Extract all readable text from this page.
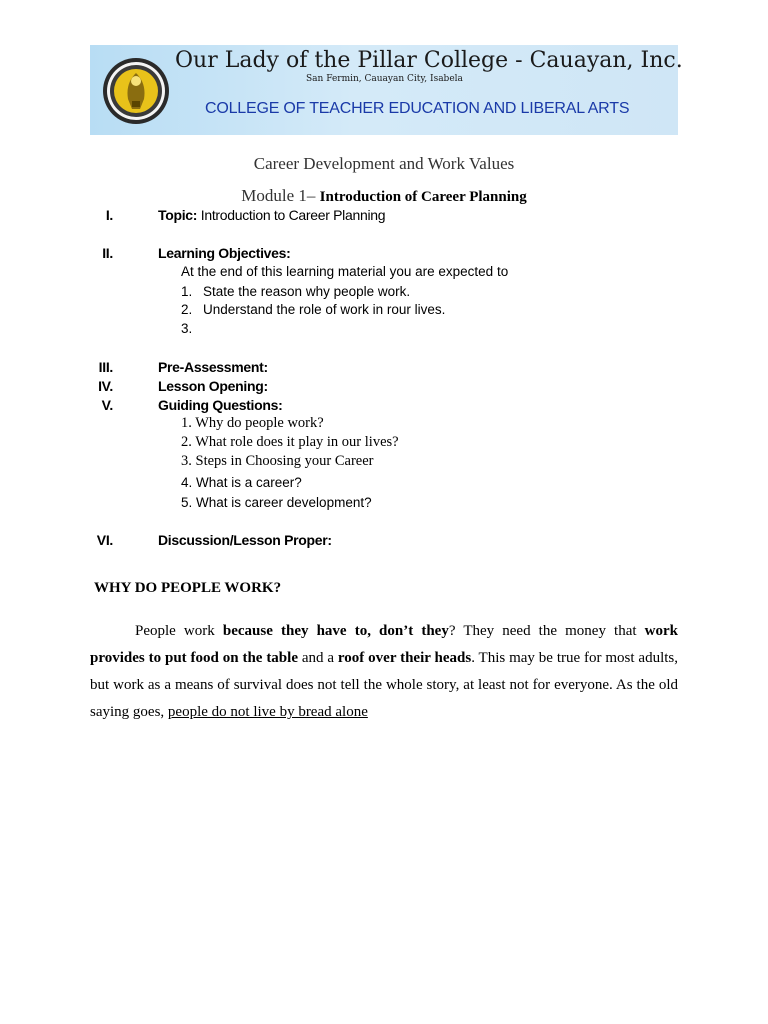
Our Lady of the Pillar College - Cauayan, Inc.
San Fermin, Cauayan City, Isabela
COLLEGE OF TEACHER EDUCATION AND LIBERAL ARTS
Career Development and Work Values
Module 1– Introduction of Career Planning
I.	Topic: Introduction to Career Planning
II.	Learning Objectives:
At the end of this learning material you are expected to
1. State the reason why people work.
2. Understand the role of work in rour lives.
3.
III.	Pre-Assessment:
IV.	Lesson Opening:
V.	Guiding Questions:
1. Why do people work?
2. What role does it play in our lives?
3. Steps in Choosing your Career
4. What is a career?
5. What is career development?
VI.	Discussion/Lesson Proper:
WHY DO PEOPLE WORK?

People work because they have to, don’t they? They need the money that work provides to put food on the table and a roof over their heads. This may be true for most adults, but work as a means of survival does not tell the whole story, at least not for everyone. As the old saying goes, people do not live by bread alone
